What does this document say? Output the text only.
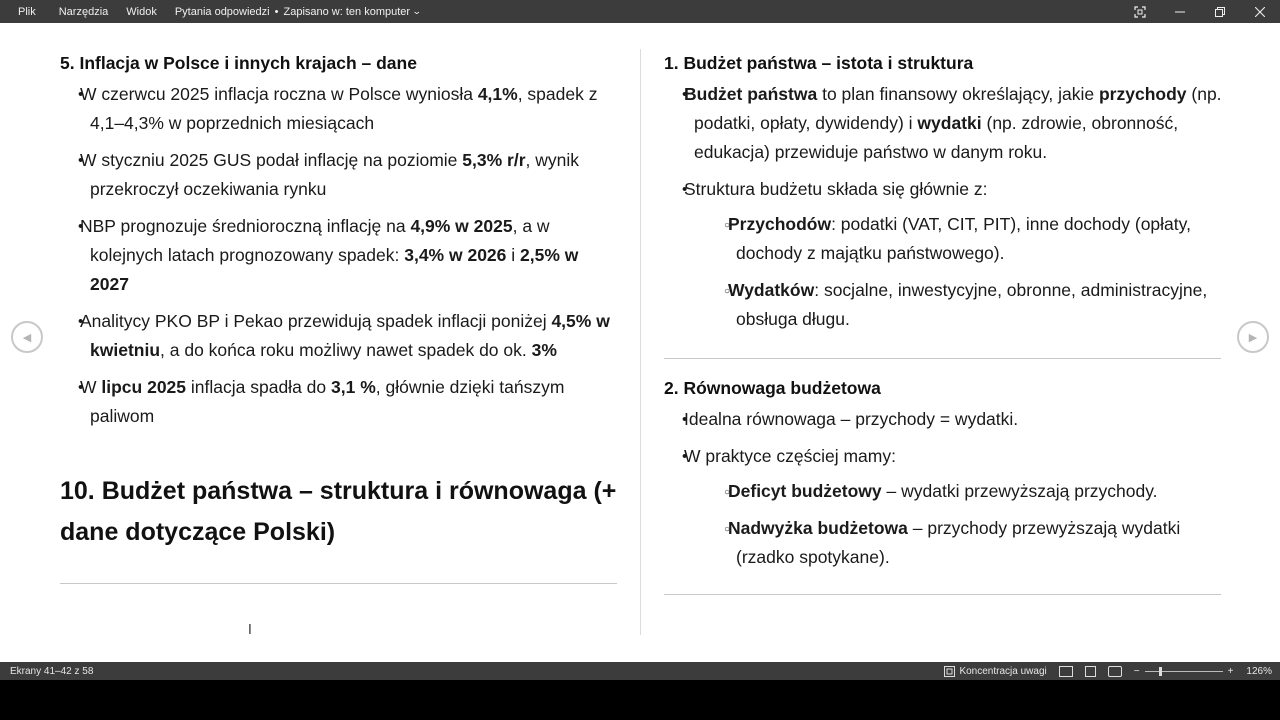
Plik	Narzędzia	Widok	Pytania odpowiedzi • Zapisano w: ten komputer ⌄
5. Inflacja w Polsce i innych krajach – dane
• W czerwcu 2025 inflacja roczna w Polsce wyniosła 4,1%, spadek z 4,1–4,3% w poprzednich miesiącach
• W styczniu 2025 GUS podał inflację na poziomie 5,3% r/r, wynik przekroczył oczekiwania rynku
• NBP prognozuje średnioroczną inflację na 4,9% w 2025, a w kolejnych latach prognozowany spadek: 3,4% w 2026 i 2,5% w 2027
• Analitycy PKO BP i Pekao przewidują spadek inflacji poniżej 4,5% w kwietniu, a do końca roku możliwy nawet spadek do ok. 3%
• W lipcu 2025 inflacja spadła do 3,1 %, głównie dzięki tańszym paliwom
10. Budżet państwa – struktura i równowaga (+ dane dotyczące Polski)
1. Budżet państwa – istota i struktura
• Budżet państwa to plan finansowy określający, jakie przychody (np. podatki, opłaty, dywidendy) i wydatki (np. zdrowie, obronność, edukacja) przewiduje państwo w danym roku.
• Struktura budżetu składa się głównie z:
○ Przychodów: podatki (VAT, CIT, PIT), inne dochody (opłaty, dochody z majątku państwowego).
○ Wydatków: socjalne, inwestycyjne, obronne, administracyjne, obsługa długu.
2. Równowaga budżetowa
• Idealna równowaga – przychody = wydatki.
• W praktyce częściej mamy:
○ Deficyt budżetowy – wydatki przewyższają przychody.
○ Nadwyżka budżetowa – przychody przewyższają wydatki (rzadko spotykane).
◀	▶
I
Ekrany 41–42 z 58	Koncentracja uwagi	−	+ 126%
